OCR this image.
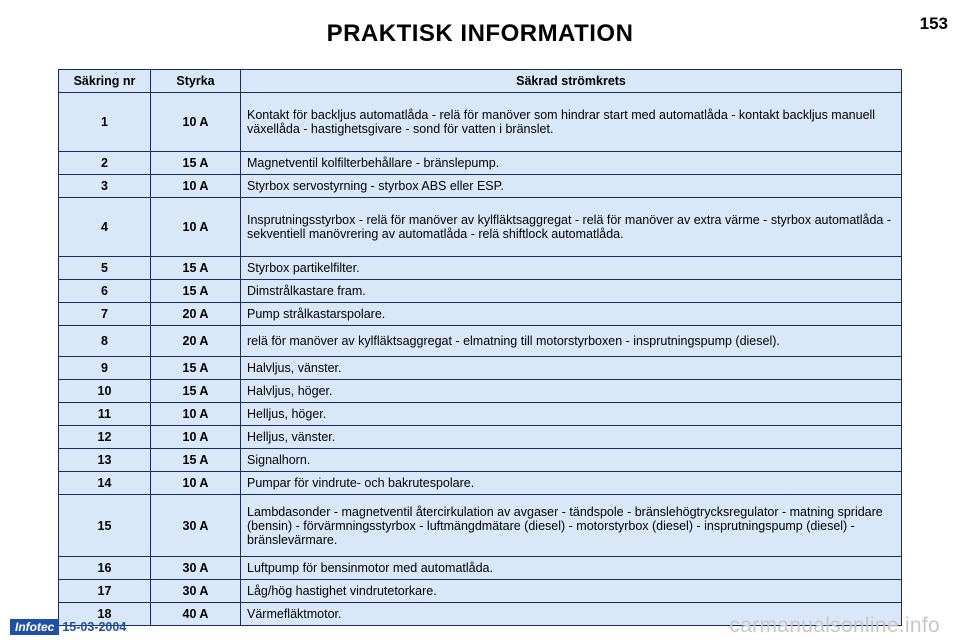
PRAKTISK INFORMATION	153
Säkring nr	Styrka	Säkrad strömkrets
1	10 A	Kontakt för backljus automatlåda - relä för manöver som hindrar start med automatlåda - kontakt backljus manuell växellåda - hastighetsgivare - sond för vatten i bränslet.
2	15 A	Magnetventil kolfilterbehållare - bränslepump.
3	10 A	Styrbox servostyrning - styrbox ABS eller ESP.
4	10 A	Insprutningsstyrbox - relä för manöver av kylfläktsaggregat - relä för manöver av extra värme - styrbox automatlåda - sekventiell manövrering av automatlåda - relä shiftlock automatlåda.
5	15 A	Styrbox partikelfilter.
6	15 A	Dimstrålkastare fram.
7	20 A	Pump strålkastarspolare.
8	20 A	relä för manöver av kylfläktsaggregat - elmatning till motorstyrboxen - insprutningspump (diesel).
9	15 A	Halvljus, vänster.
10	15 A	Halvljus, höger.
11	10 A	Helljus, höger.
12	10 A	Helljus, vänster.
13	15 A	Signalhorn.
14	10 A	Pumpar för vindrute- och bakrutespolare.
15	30 A	Lambdasonder - magnetventil återcirkulation av avgaser - tändspole - bränslehögtrycksregulator - matning spridare (bensin) - förvärmningsstyrbox - luftmängdmätare (diesel) - motorstyrbox (diesel) - insprutningspump (diesel) - bränslevärmare.
16	30 A	Luftpump för bensinmotor med automatlåda.
17	30 A	Låg/hög hastighet vindrutetorkare.
18	40 A	Värmefläktmotor.
Infotec 15-03-2004	carmanualsonline.info
